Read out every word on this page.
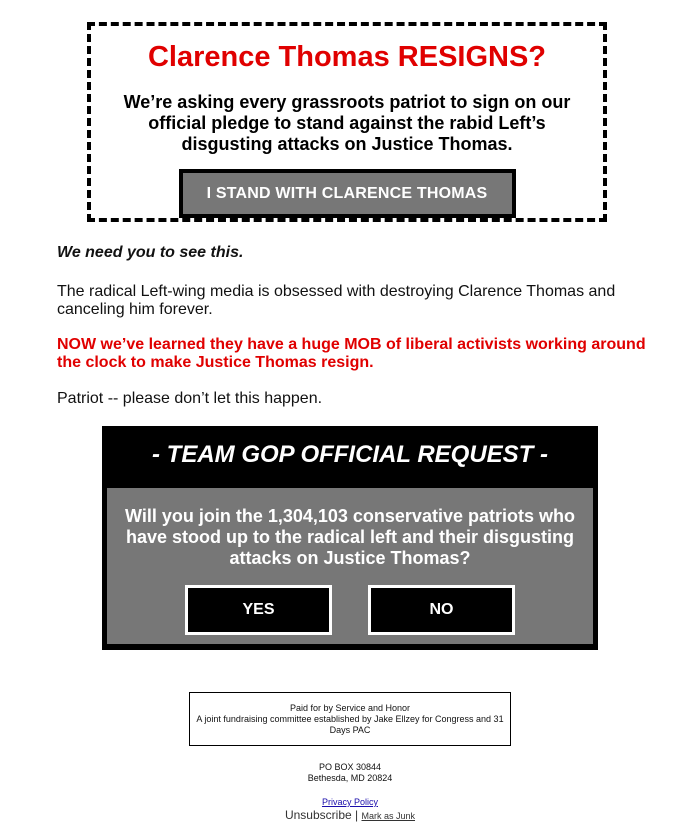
Clarence Thomas RESIGNS?
We’re asking every grassroots patriot to sign on our official pledge to stand against the rabid Left’s disgusting attacks on Justice Thomas.
I STAND WITH CLARENCE THOMAS
We need you to see this.
The radical Left-wing media is obsessed with destroying Clarence Thomas and canceling him forever.
NOW we’ve learned they have a huge MOB of liberal activists working around the clock to make Justice Thomas resign.
Patriot -- please don’t let this happen.
- TEAM GOP OFFICIAL REQUEST -
Will you join the 1,304,103 conservative patriots who have stood up to the radical left and their disgusting attacks on Justice Thomas?
YES	NO
Paid for by Service and Honor
A joint fundraising committee established by Jake Ellzey for Congress and 31 Days PAC
PO BOX 30844
Bethesda, MD 20824
Privacy Policy
Unsubscribe | Mark as Junk
